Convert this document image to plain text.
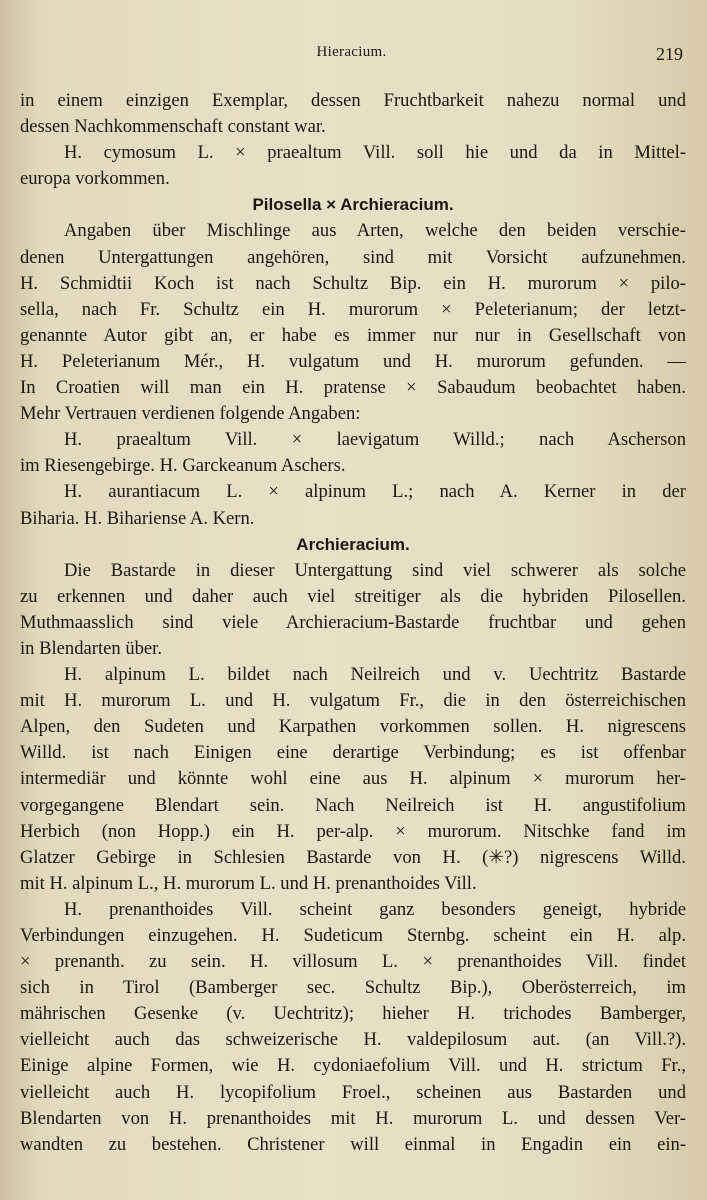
Hieracium.	219
in einem einzigen Exemplar, dessen Fruchtbarkeit nahezu normal und
dessen Nachkommenschaft constant war.
H. cymosum L. × praealtum Vill. soll hie und da in Mittel-
europa vorkommen.
Pilosella × Archieracium.
Angaben über Mischlinge aus Arten, welche den beiden verschie-
denen Untergattungen angehören, sind mit Vorsicht aufzunehmen.
H. Schmidtii Koch ist nach Schultz Bip. ein H. murorum × pilo-
sella, nach Fr. Schultz ein H. murorum × Peleterianum; der letzt-
genannte Autor gibt an, er habe es immer nur nur in Gesellschaft von
H. Peleterianum Mér., H. vulgatum und H. murorum gefunden. —
In Croatien will man ein H. pratense × Sabaudum beobachtet haben.
Mehr Vertrauen verdienen folgende Angaben:
H. praealtum Vill. × laevigatum Willd.; nach Ascherson
im Riesengebirge. H. Garckeanum Aschers.
H. aurantiacum L. × alpinum L.; nach A. Kerner in der
Biharia. H. Bihariense A. Kern.
Archieracium.
Die Bastarde in dieser Untergattung sind viel schwerer als solche
zu erkennen und daher auch viel streitiger als die hybriden Pilosellen.
Muthmaasslich sind viele Archieracium-Bastarde fruchtbar und gehen
in Blendarten über.
H. alpinum L. bildet nach Neilreich und v. Uechtritz Bastarde
mit H. murorum L. und H. vulgatum Fr., die in den österreichischen
Alpen, den Sudeten und Karpathen vorkommen sollen. H. nigrescens
Willd. ist nach Einigen eine derartige Verbindung; es ist offenbar
intermediär und könnte wohl eine aus H. alpinum × murorum her-
vorgegangene Blendart sein. Nach Neilreich ist H. angustifolium
Herbich (non Hopp.) ein H. per-alp. × murorum. Nitschke fand im
Glatzer Gebirge in Schlesien Bastarde von H. (✳?) nigrescens Willd.
mit H. alpinum L., H. murorum L. und H. prenanthoides Vill.
H. prenanthoides Vill. scheint ganz besonders geneigt, hybride
Verbindungen einzugehen. H. Sudeticum Sternbg. scheint ein H. alp.
× prenanth. zu sein. H. villosum L. × prenanthoides Vill. findet
sich in Tirol (Bamberger sec. Schultz Bip.), Oberösterreich, im
mährischen Gesenke (v. Uechtritz); hieher H. trichodes Bamberger,
vielleicht auch das schweizerische H. valdepilosum aut. (an Vill.?).
Einige alpine Formen, wie H. cydoniaefolium Vill. und H. strictum Fr.,
vielleicht auch H. lycopifolium Froel., scheinen aus Bastarden und
Blendarten von H. prenanthoides mit H. murorum L. und dessen Ver-
wandten zu bestehen. Christener will einmal in Engadin ein ein-
